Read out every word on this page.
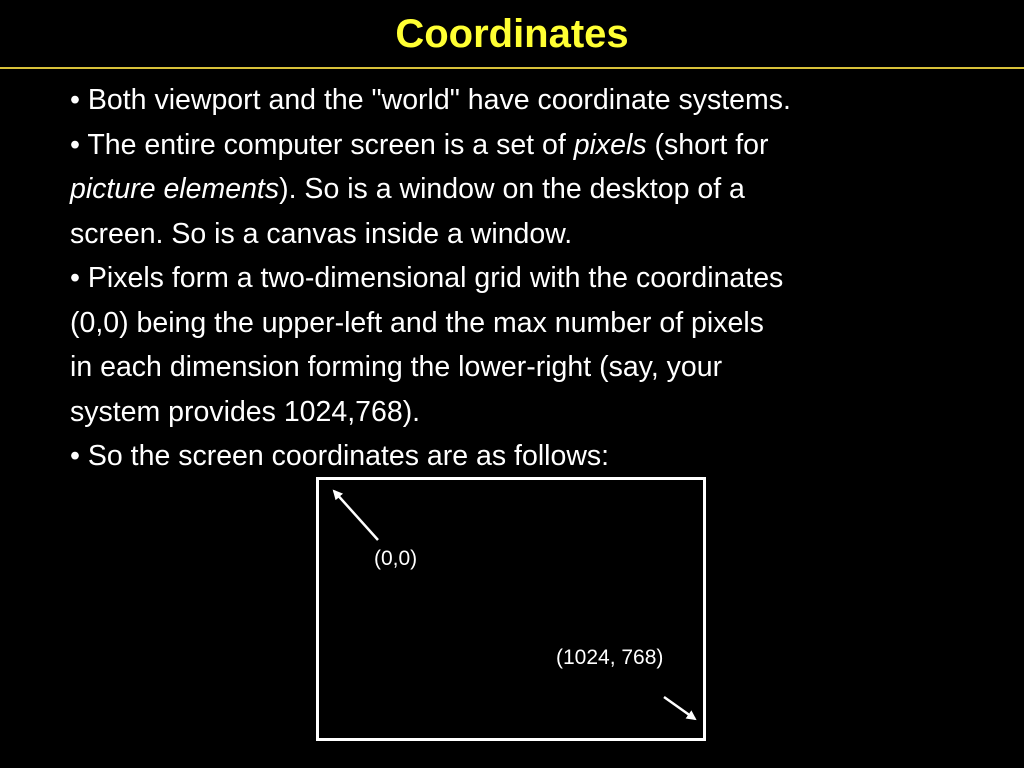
Coordinates
• Both viewport and the "world" have coordinate systems.
• The entire computer screen is a set of pixels (short for
picture elements). So is a window on the desktop of a
screen. So is a canvas inside a window.
• Pixels form a two-dimensional grid with the coordinates
(0,0) being the upper-left and the max number of pixels
in each dimension forming the lower-right (say, your
system provides 1024,768).
• So the screen coordinates are as follows:
(0,0)
(1024, 768)
